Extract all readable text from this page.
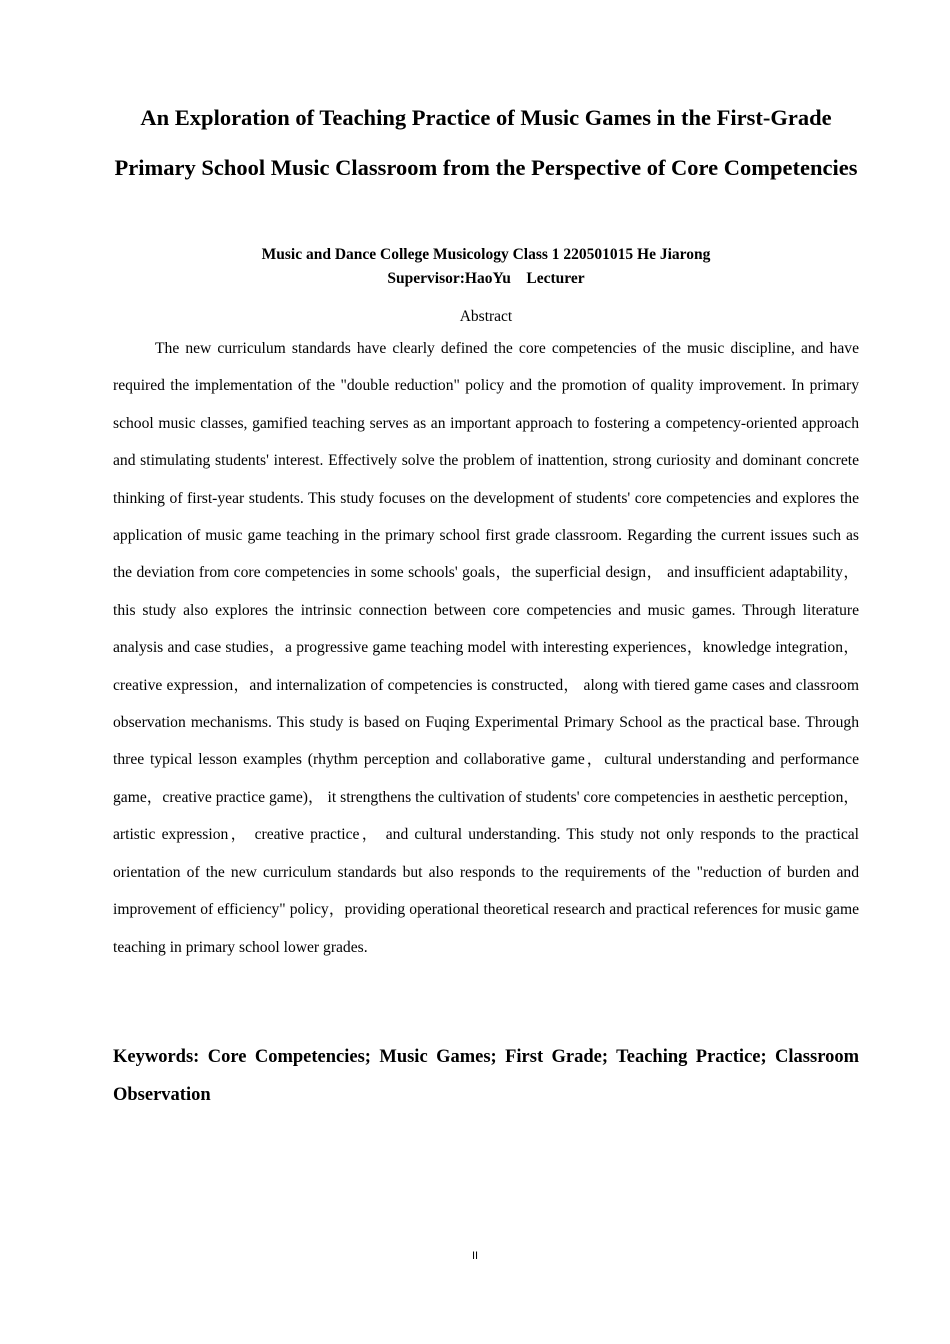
An Exploration of Teaching Practice of Music Games in the First-Grade Primary School Music Classroom from the Perspective of Core Competencies
Music and Dance College Musicology Class 1 220501015 He Jiarong
Supervisor:HaoYu    Lecturer
Abstract

The new curriculum standards have clearly defined the core competencies of the music discipline, and have required the implementation of the "double reduction" policy and the promotion of quality improvement. In primary school music classes, gamified teaching serves as an important approach to fostering a competency-oriented approach and stimulating students' interest. Effectively solve the problem of inattention, strong curiosity and dominant concrete thinking of first-year students. This study focuses on the development of students' core competencies and explores the application of music game teaching in the primary school first grade classroom. Regarding the current issues such as the deviation from core competencies in some schools' goals，the superficial design， and insufficient adaptability，this study also explores the intrinsic connection between core competencies and music games. Through literature analysis and case studies，a progressive game teaching model with interesting experiences，knowledge integration，creative expression，and internalization of competencies is constructed， along with tiered game cases and classroom observation mechanisms. This study is based on Fuqing Experimental Primary School as the practical base. Through three typical lesson examples (rhythm perception and collaborative game，cultural understanding and performance game，creative practice game)， it strengthens the cultivation of students' core competencies in aesthetic perception， artistic expression， creative practice， and cultural understanding. This study not only responds to the practical orientation of the new curriculum standards but also responds to the requirements of the "reduction of burden and improvement of efficiency" policy，providing operational theoretical research and practical references for music game teaching in primary school lower grades.

Keywords: Core Competencies; Music Games; First Grade; Teaching Practice; Classroom Observation

II
